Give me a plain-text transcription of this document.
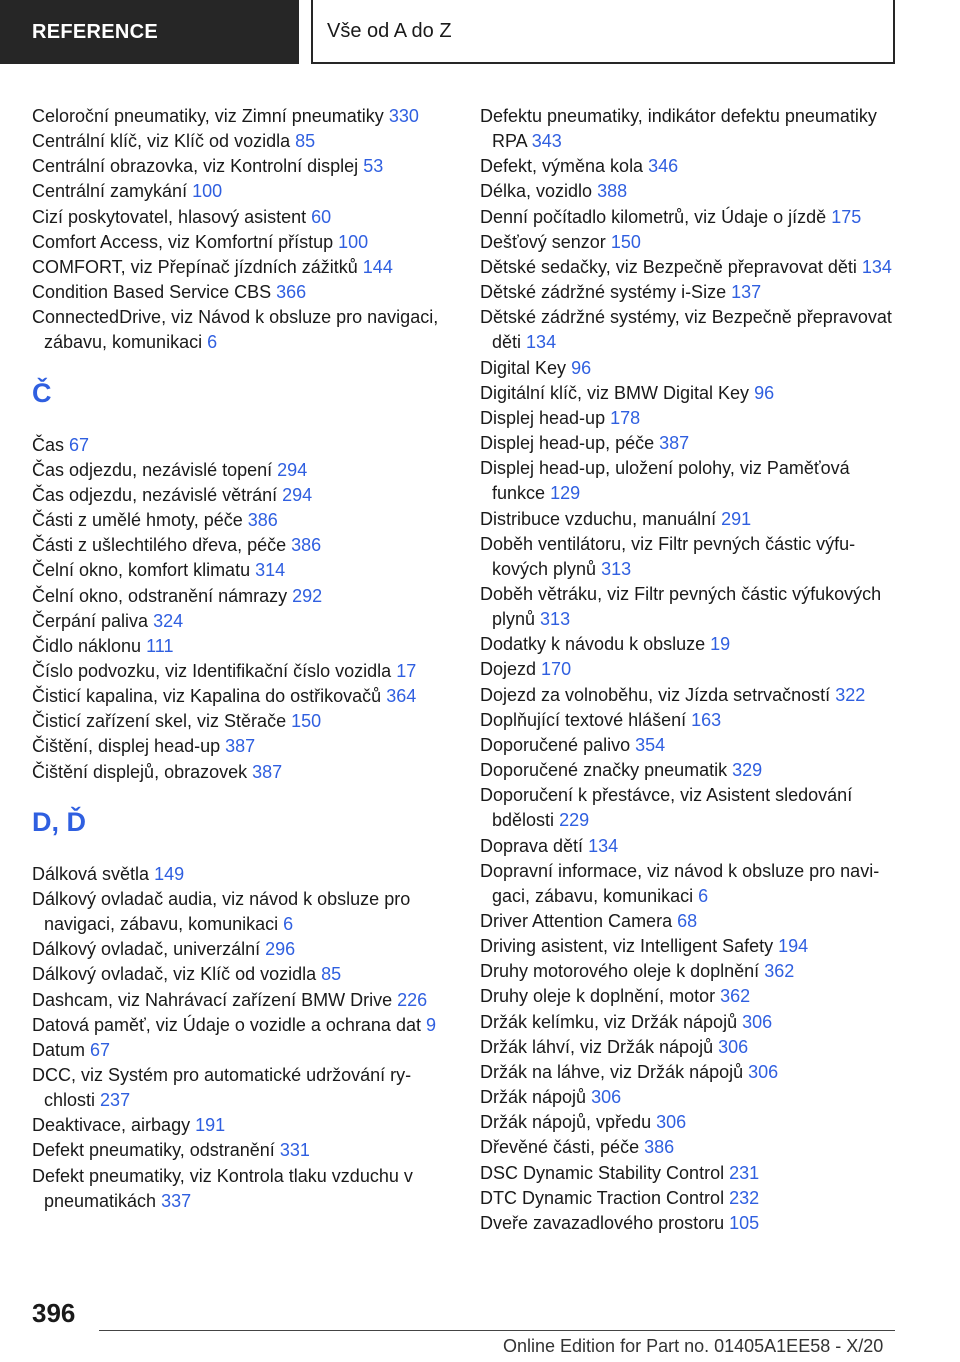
REFERENCE	Vše od A do Z
Celoroční pneumatiky, viz Zimní pneumatiky 330
Centrální klíč, viz Klíč od vozidla 85
Centrální obrazovka, viz Kontrolní displej 53
Centrální zamykání 100
Cizí poskytovatel, hlasový asistent 60
Comfort Access, viz Komfortní přístup 100
COMFORT, viz Přepínač jízdních zážitků 144
Condition Based Service CBS 366
ConnectedDrive, viz Návod k obsluze pro navigaci, zábavu, komunikaci 6
Č
Čas 67
Čas odjezdu, nezávislé topení 294
Čas odjezdu, nezávislé větrání 294
Části z umělé hmoty, péče 386
Části z ušlechtilého dřeva, péče 386
Čelní okno, komfort klimatu 314
Čelní okno, odstranění námrazy 292
Čerpání paliva 324
Čidlo náklonu 111
Číslo podvozku, viz Identifikační číslo vozidla 17
Čisticí kapalina, viz Kapalina do ostřikovačů 364
Čisticí zařízení skel, viz Stěrače 150
Čištění, displej head-up 387
Čištění displejů, obrazovek 387
D, Ď
Dálková světla 149
Dálkový ovladač audia, viz návod k obsluze pro navigaci, zábavu, komunikaci 6
Dálkový ovladač, univerzální 296
Dálkový ovladač, viz Klíč od vozidla 85
Dashcam, viz Nahrávací zařízení BMW Drive 226
Datová paměť, viz Údaje o vozidle a ochrana dat 9
Datum 67
DCC, viz Systém pro automatické udržování rychlosti 237
Deaktivace, airbagy 191
Defekt pneumatiky, odstranění 331
Defekt pneumatiky, viz Kontrola tlaku vzduchu v pneumatikách 337
Defektu pneumatiky, indikátor defektu pneumatiky RPA 343
Defekt, výměna kola 346
Délka, vozidlo 388
Denní počítadlo kilometrů, viz Údaje o jízdě 175
Dešťový senzor 150
Dětské sedačky, viz Bezpečně přepravovat děti 134
Dětské zádržné systémy i-Size 137
Dětské zádržné systémy, viz Bezpečně přepravovat děti 134
Digital Key 96
Digitální klíč, viz BMW Digital Key 96
Displej head-up 178
Displej head-up, péče 387
Displej head-up, uložení polohy, viz Paměťová funkce 129
Distribuce vzduchu, manuální 291
Doběh ventilátoru, viz Filtr pevných částic výfukových plynů 313
Doběh větráku, viz Filtr pevných částic výfukových plynů 313
Dodatky k návodu k obsluze 19
Dojezd 170
Dojezd za volnoběhu, viz Jízda setrvačností 322
Doplňující textové hlášení 163
Doporučené palivo 354
Doporučené značky pneumatik 329
Doporučení k přestávce, viz Asistent sledování bdělosti 229
Doprava dětí 134
Dopravní informace, viz návod k obsluze pro navigaci, zábavu, komunikaci 6
Driver Attention Camera 68
Driving asistent, viz Intelligent Safety 194
Druhy motorového oleje k doplnění 362
Druhy oleje k doplnění, motor 362
Držák kelímku, viz Držák nápojů 306
Držák láhví, viz Držák nápojů 306
Držák na láhve, viz Držák nápojů 306
Držák nápojů 306
Držák nápojů, vpředu 306
Dřevěné části, péče 386
DSC Dynamic Stability Control 231
DTC Dynamic Traction Control 232
Dveře zavazadlového prostoru 105
396
Online Edition for Part no. 01405A1EE58 - X/20
